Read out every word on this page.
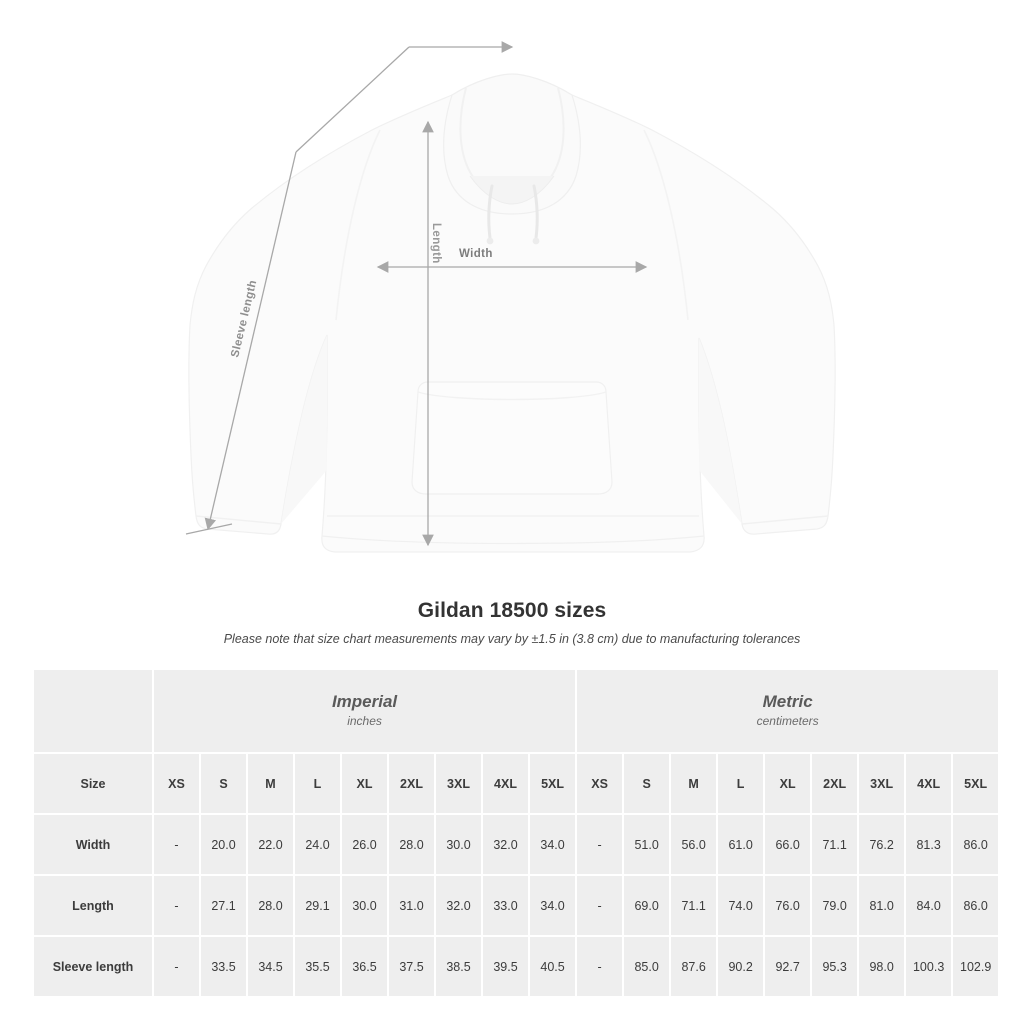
Length Width
Sleeve length
Gildan 18500 sizes
Please note that size chart measurements may vary by ±1.5 in (3.8 cm) due to manufacturing tolerances

Imperial
inches

Metric
centimeters

Size	XS	S	M	L	XL	2XL	3XL	4XL	5XL	XS	S	M	L	XL	2XL	3XL	4XL	5XL
Width	-	20.0	22.0	24.0	26.0	28.0	30.0	32.0	34.0	-	51.0	56.0	61.0	66.0	71.1	76.2	81.3	86.0
Length	-	27.1	28.0	29.1	30.0	31.0	32.0	33.0	34.0	-	69.0	71.1	74.0	76.0	79.0	81.0	84.0	86.0
Sleeve length	-	33.5	34.5	35.5	36.5	37.5	38.5	39.5	40.5	-	85.0	87.6	90.2	92.7	95.3	98.0	100.3	102.9
